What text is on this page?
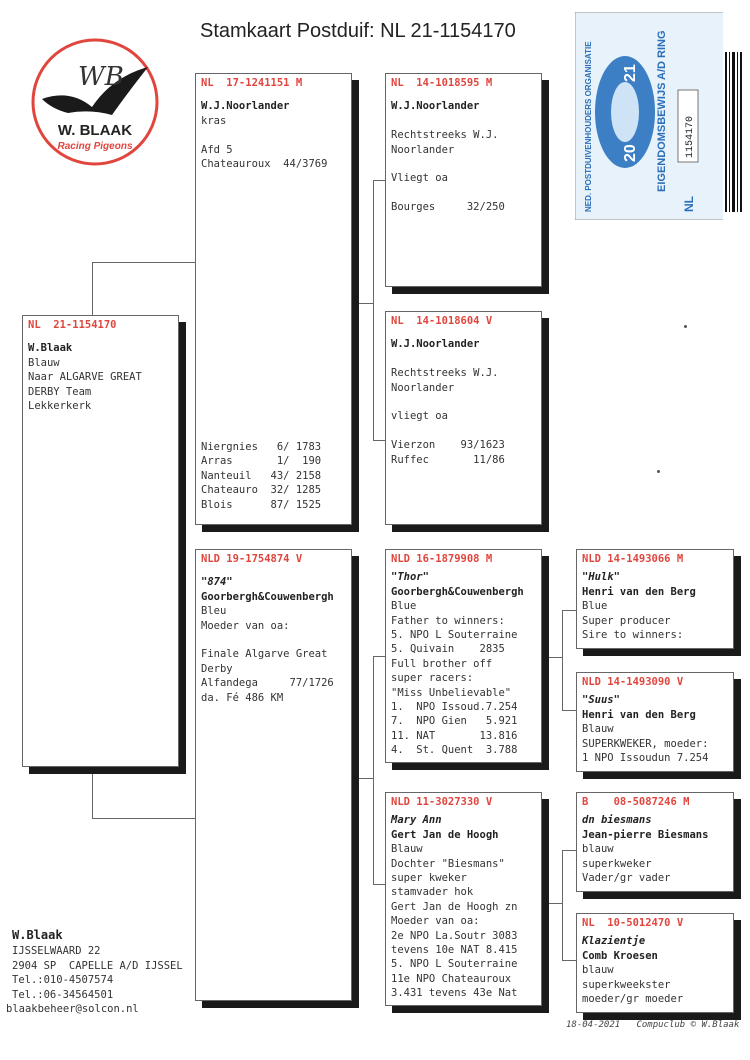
Stamkaart Postduif: NL 21-1154170
WB
W. BLAAK
Racing Pigeons	NED. POSTDUIVENHOUDERS ORGANISATIE	EIGENDOMSBEWIJS A/D RING
20
21
NL
1154170
NL  21-1154170
W.Blaak
Blauw
Naar ALGARVE GREAT
DERBY Team
Lekkerkerk
NL  17-1241151 M
W.J.Noorlander
kras
Afd 5
Chateauroux  44/3769
Niergnies   6/ 1783
Arras       1/  190
Nanteuil   43/ 2158
Chateauro  32/ 1285
Blois      87/ 1525
NLD 19-1754874 V
"874"
Goorbergh&Couwenbergh
Bleu
Moeder van oa:
Finale Algarve Great
Derby
Alfandega     77/1726
da. Fé 486 KM
NL  14-1018595 M
W.J.Noorlander
Rechtstreeks W.J.
Noorlander
Vliegt oa
Bourges     32/250
NL  14-1018604 V
W.J.Noorlander
Rechtstreeks W.J.
Noorlander
vliegt oa
Vierzon    93/1623
Ruffec       11/86
NLD 16-1879908 M
"Thor"
Goorbergh&Couwenbergh
Blue
Father to winners:
5. NPO L Souterraine
5. Quivain    2835
Full brother off
super racers:
"Miss Unbelievable"
1.  NPO Issoud.7.254
7.  NPO Gien   5.921
11. NAT       13.816
4.  St. Quent  3.788
NLD 11-3027330 V
Mary Ann
Gert Jan de Hoogh
Blauw
Dochter "Biesmans"
super kweker
stamvader hok
Gert Jan de Hoogh zn
Moeder van oa:
2e NPO La.Soutr 3083
tevens 10e NAT 8.415
5. NPO L Souterraine
11e NPO Chateauroux
3.431 tevens 43e Nat
NLD 14-1493066 M
"Hulk"
Henri van den Berg
Blue
Super producer
Sire to winners:
NLD 14-1493090 V
"Suus"
Henri van den Berg
Blauw
SUPERKWEKER, moeder:
1 NPO Issoudun 7.254
B    08-5087246 M
dn biesmans
Jean-pierre Biesmans
blauw
superkweker
Vader/gr vader
NL  10-5012470 V
Klazientje
Comb Kroesen
blauw
superkweekster
moeder/gr moeder
W.Blaak
IJSSELWAARD 22
2904 SP  CAPELLE A/D IJSSEL
Tel.:010-4507574
Tel.:06-34564501
blaakbeheer@solcon.nl
18-04-2021   Compuclub © W.Blaak
